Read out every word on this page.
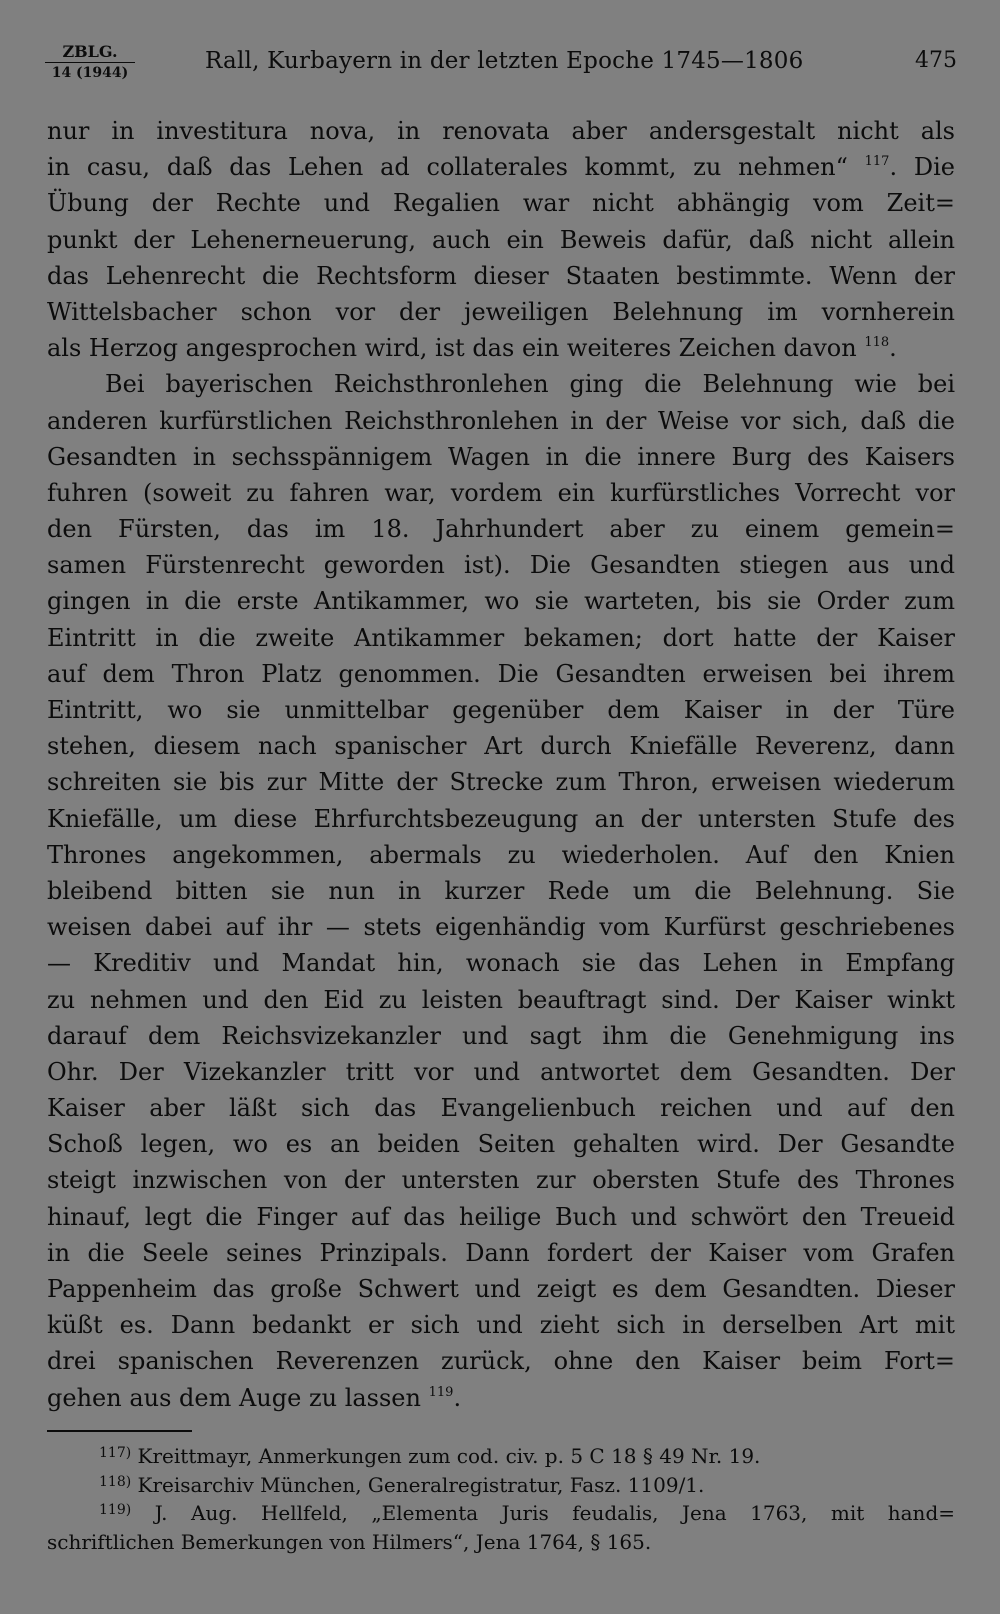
ZBLG.
14 (1944)	Rall, Kurbayern in der letzten Epoche 1745—1806	475
nur in investitura nova, in renovata aber andersgestalt nicht als
in casu, daß das Lehen ad collaterales kommt, zu nehmen“ $^{117}$. Die
Übung der Rechte und Regalien war nicht abhängig vom Zeit=
punkt der Lehenerneuerung, auch ein Beweis dafür, daß nicht allein
das Lehenrecht die Rechtsform dieser Staaten bestimmte. Wenn der
Wittelsbacher schon vor der jeweiligen Belehnung im vornherein
als Herzog angesprochen wird, ist das ein weiteres Zeichen davon $^{118}$.
Bei bayerischen Reichsthronlehen ging die Belehnung wie bei
anderen kurfürstlichen Reichsthronlehen in der Weise vor sich, daß die
Gesandten in sechsspännigem Wagen in die innere Burg des Kaisers
fuhren (soweit zu fahren war, vordem ein kurfürstliches Vorrecht vor
den Fürsten, das im 18. Jahrhundert aber zu einem gemein=
samen Fürstenrecht geworden ist). Die Gesandten stiegen aus und
gingen in die erste Antikammer, wo sie warteten, bis sie Order zum
Eintritt in die zweite Antikammer bekamen; dort hatte der Kaiser
auf dem Thron Platz genommen. Die Gesandten erweisen bei ihrem
Eintritt, wo sie unmittelbar gegenüber dem Kaiser in der Türe
stehen, diesem nach spanischer Art durch Kniefälle Reverenz, dann
schreiten sie bis zur Mitte der Strecke zum Thron, erweisen wiederum
Kniefälle, um diese Ehrfurchtsbezeugung an der untersten Stufe des
Thrones angekommen, abermals zu wiederholen. Auf den Knien
bleibend bitten sie nun in kurzer Rede um die Belehnung. Sie
weisen dabei auf ihr — stets eigenhändig vom Kurfürst geschriebenes
— Kreditiv und Mandat hin, wonach sie das Lehen in Empfang
zu nehmen und den Eid zu leisten beauftragt sind. Der Kaiser winkt
darauf dem Reichsvizekanzler und sagt ihm die Genehmigung ins
Ohr. Der Vizekanzler tritt vor und antwortet dem Gesandten. Der
Kaiser aber läßt sich das Evangelienbuch reichen und auf den
Schoß legen, wo es an beiden Seiten gehalten wird. Der Gesandte
steigt inzwischen von der untersten zur obersten Stufe des Thrones
hinauf, legt die Finger auf das heilige Buch und schwört den Treueid
in die Seele seines Prinzipals. Dann fordert der Kaiser vom Grafen
Pappenheim das große Schwert und zeigt es dem Gesandten. Dieser
küßt es. Dann bedankt er sich und zieht sich in derselben Art mit
drei spanischen Reverenzen zurück, ohne den Kaiser beim Fort=
gehen aus dem Auge zu lassen $^{119}$.
$^{117)}$ Kreittmayr, Anmerkungen zum cod. civ. p. 5 C 18 § 49 Nr. 19.
$^{118)}$ Kreisarchiv München, Generalregistratur, Fasz. 1109/1.
$^{119)}$ J. Aug. Hellfeld, „Elementa Juris feudalis, Jena 1763, mit hand=
schriftlichen Bemerkungen von Hilmers“, Jena 1764, § 165.
